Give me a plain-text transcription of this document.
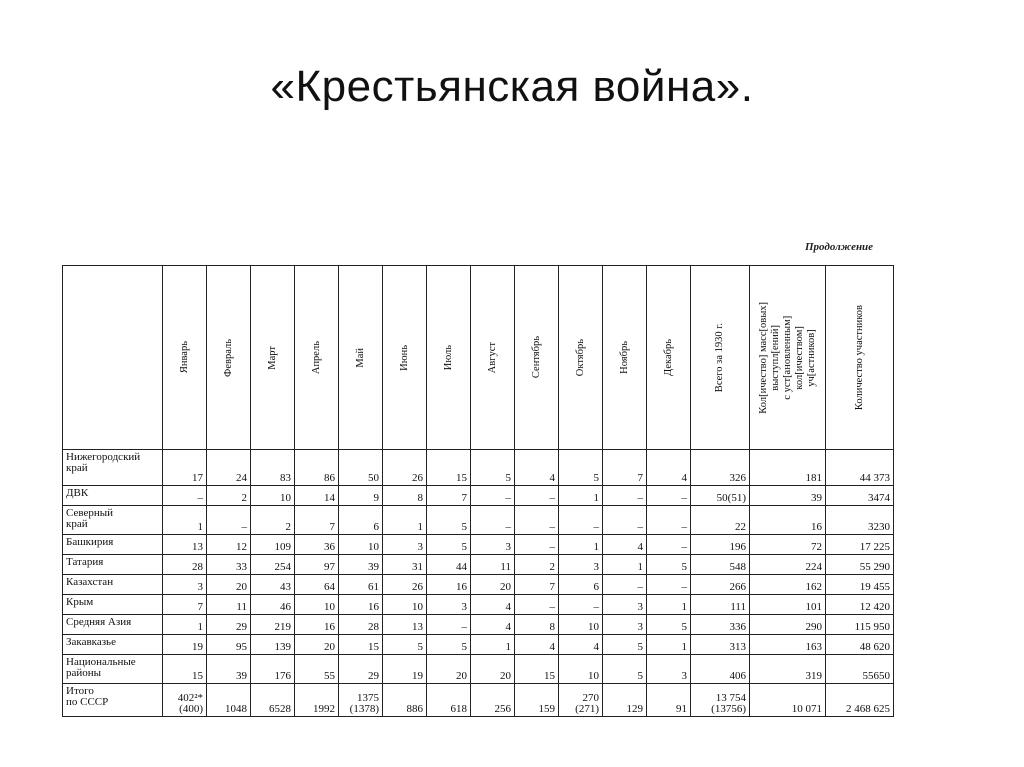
«Крестьянская война».
Продолжение

	Январь	Февраль	Март	Апрель	Май	Июнь	Июль	Август	Сентябрь	Октябрь	Ноябрь	Декабрь	Всего за 1930 г.	Кол[ичество] масс[овых]
выступл[ений]
с уст[ановленным]
кол[ичеством]
уч[астников]	Количество участников

Нижегородский
край	17	24	83	86	50	26	15	5	4	5	7	4	326	181	44 373
ДВК	–	2	10	14	9	8	7	–	–	1	–	–	50(51)	39	3474
Северный
край	1	–	2	7	6	1	5	–	–	–	–	–	22	16	3230
Башкирия	13	12	109	36	10	3	5	3	–	1	4	–	196	72	17 225
Татария	28	33	254	97	39	31	44	11	2	3	1	5	548	224	55 290
Казахстан	3	20	43	64	61	26	16	20	7	6	–	–	266	162	19 455
Крым	7	11	46	10	16	10	3	4	–	–	3	1	111	101	12 420
Средняя Азия	1	29	219	16	28	13	–	4	8	10	3	5	336	290	115 950
Закавказье	19	95	139	20	15	5	5	1	4	4	5	1	313	163	48 620
Национальные
районы	15	39	176	55	29	19	20	20	15	10	5	3	406	319	55650
Итого
по СССР	402²*
(400)	1048	6528	1992	1375
(1378)	886	618	256	159	270
(271)	129	91	13 754
(13756)	10 071	2 468 625
